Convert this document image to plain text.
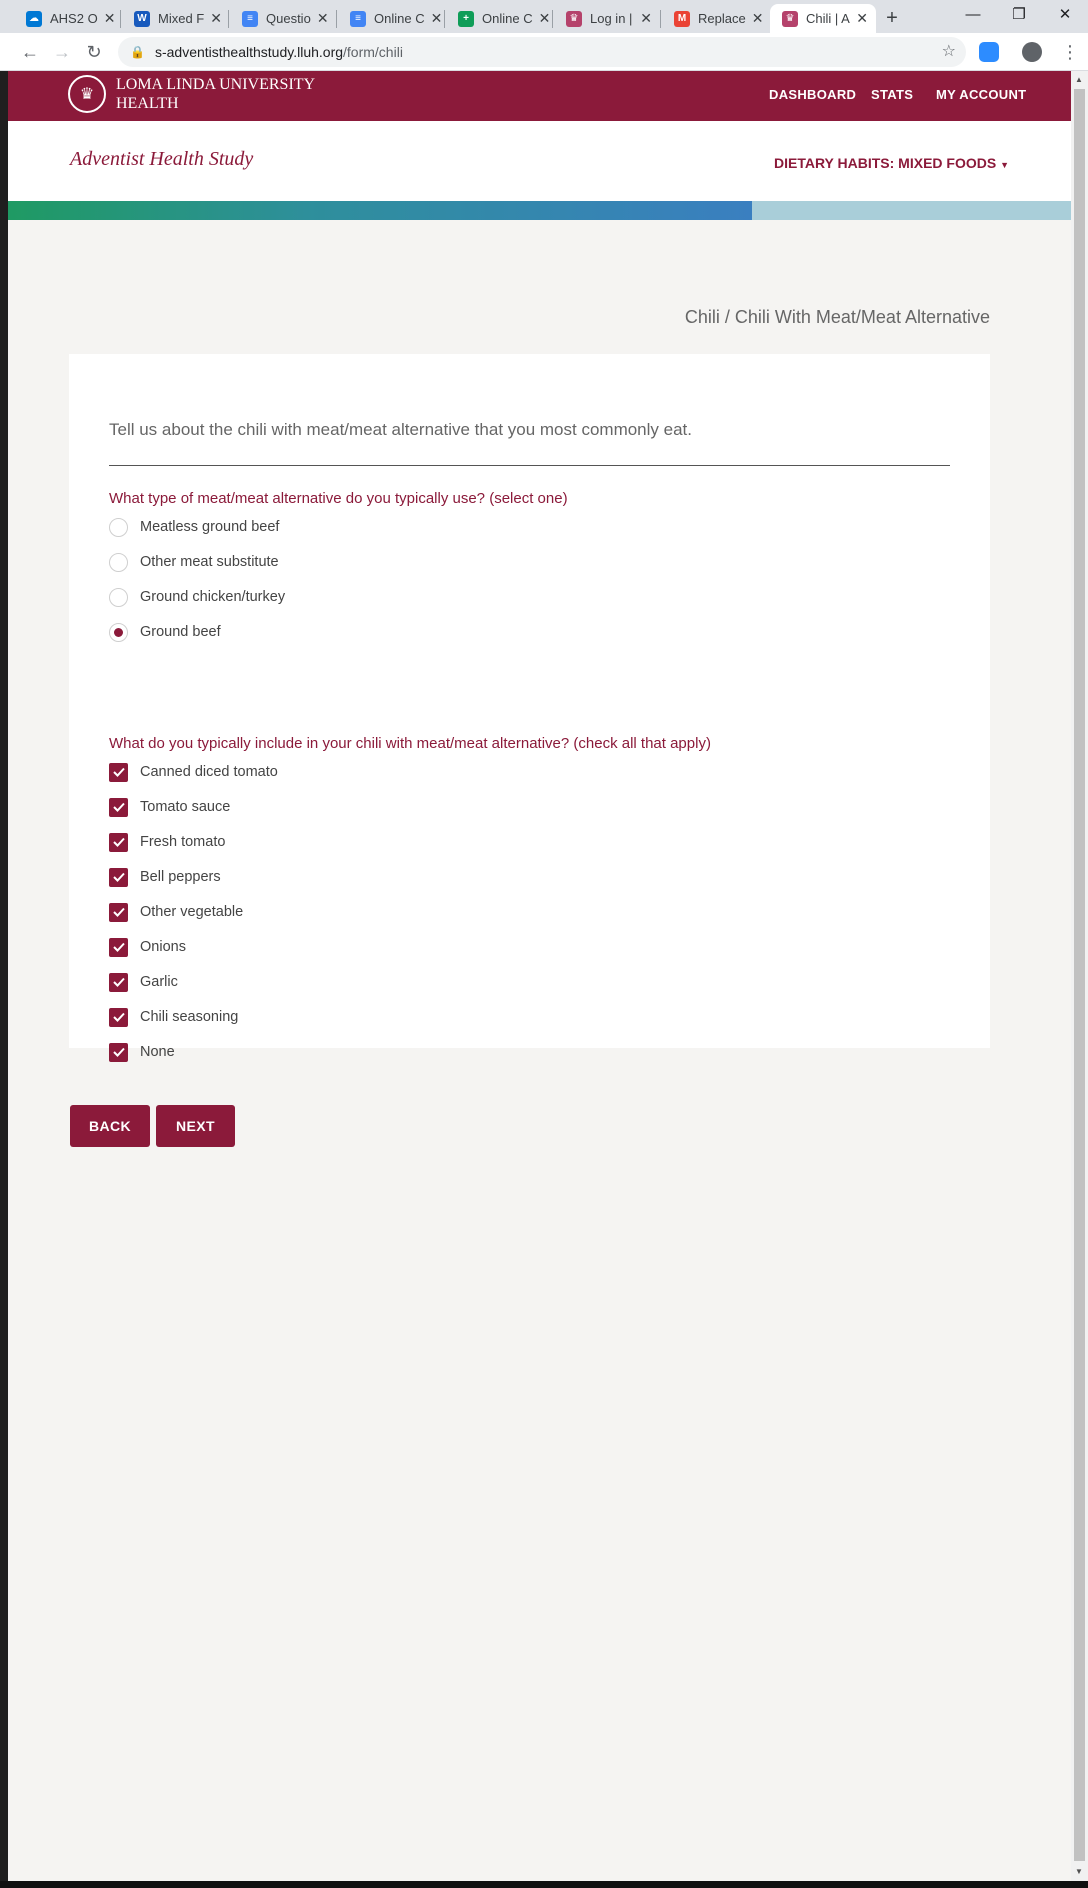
☁ AHS2 O ✕	W Mixed F ✕	≡	Questio ✕	≡	Online C ✕	+	Online C ✕	♛ Log in | ✕	M Replace ✕	♛ Chili | A ✕ +	—	❐	✕
← → ↻	🔒 s-adventisthealthstudy.lluh.org /form/chili	☆	⋮
♛
LOMA LINDA UNIVERSITY
HEALTH
DASHBOARD STATS MY ACCOUNT
Adventist Health Study	DIETARY HABITS: MIXED FOODS ▼
Chili / Chili With Meat/Meat Alternative
Tell us about the chili with meat/meat alternative that you most commonly eat.
What type of meat/meat alternative do you typically use? (select one)
Meatless ground beef
Other meat substitute
Ground chicken/turkey
Ground beef
What do you typically include in your chili with meat/meat alternative? (check all that apply)
Canned diced tomato
Tomato sauce
Fresh tomato
Bell peppers
Other vegetable
Onions
Garlic
Chili seasoning
None
BACK	NEXT
▲
▼
